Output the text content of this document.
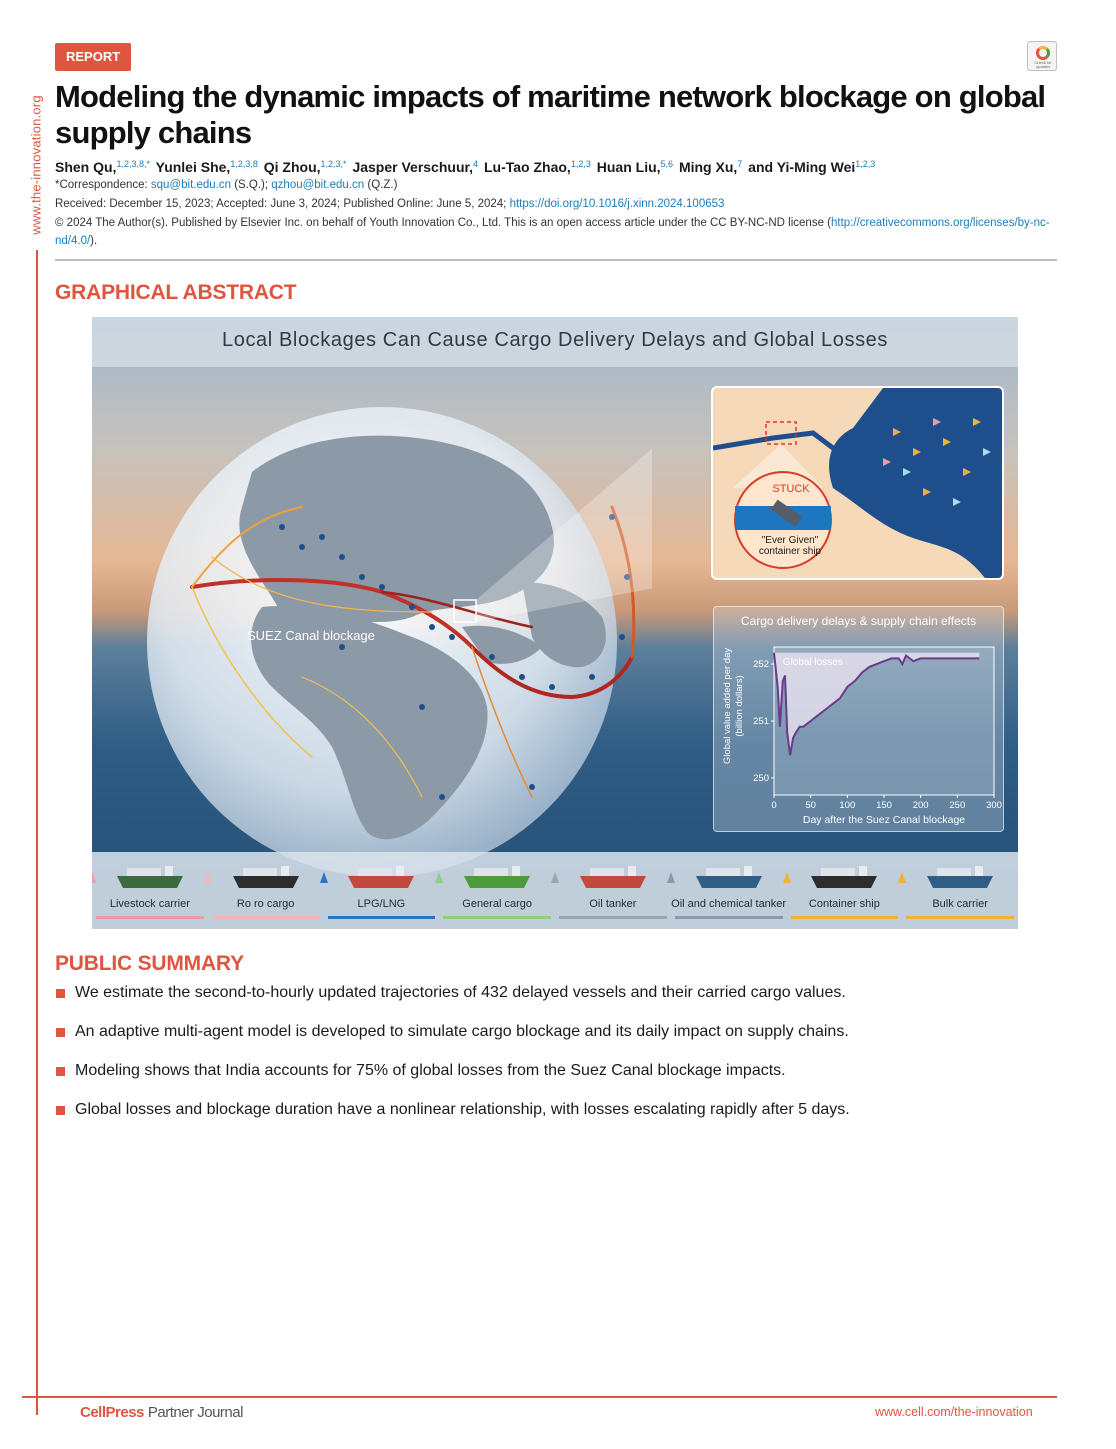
www.the-innovation.org
REPORT	Check for updates
Modeling the dynamic impacts of maritime network blockage on global supply chains
Shen Qu,$^{1,2,3,8,*}$ Yunlei She,$^{1,2,3,8}$ Qi Zhou,$^{1,2,3,*}$ Jasper Verschuur,$^4$ Lu-Tao Zhao,$^{1,2,3}$ Huan Liu,$^{5,6}$ Ming Xu,$^7$ and Yi-Ming Wei$^{1,2,3}$
*Correspondence: squ@bit.edu.cn (S.Q.); qzhou@bit.edu.cn (Q.Z.)
Received: December 15, 2023; Accepted: June 3, 2024; Published Online: June 5, 2024; https://doi.org/10.1016/j.xinn.2024.100653
© 2024 The Author(s). Published by Elsevier Inc. on behalf of Youth Innovation Co., Ltd. This is an open access article under the CC BY-NC-ND license (http://creativecommons.org/licenses/by-nc-nd/4.0/).
GRAPHICAL ABSTRACT
Local Blockages Can Cause Cargo Delivery Delays and Global Losses
SUEZ Canal blockage
STUCK
"Ever Given"
container ship
Cargo delivery delays & supply chain effects
Global losses
0	50 100 150 200 250 300
250
251
252
Day after the Suez Canal blockage
Global value added per day(billion dollars)
Livestock carrier	Ro ro cargo	LPG/LNG	General cargo	Oil tanker	Oil and chemical tanker	Container ship	Bulk carrier
PUBLIC SUMMARY
We estimate the second-to-hourly updated trajectories of 432 delayed vessels and their carried cargo values.
An adaptive multi-agent model is developed to simulate cargo blockage and its daily impact on supply chains.
Modeling shows that India accounts for 75% of global losses from the Suez Canal blockage impacts.
Global losses and blockage duration have a nonlinear relationship, with losses escalating rapidly after 5 days.
CellPress Partner Journal	www.cell.com/the-innovation
